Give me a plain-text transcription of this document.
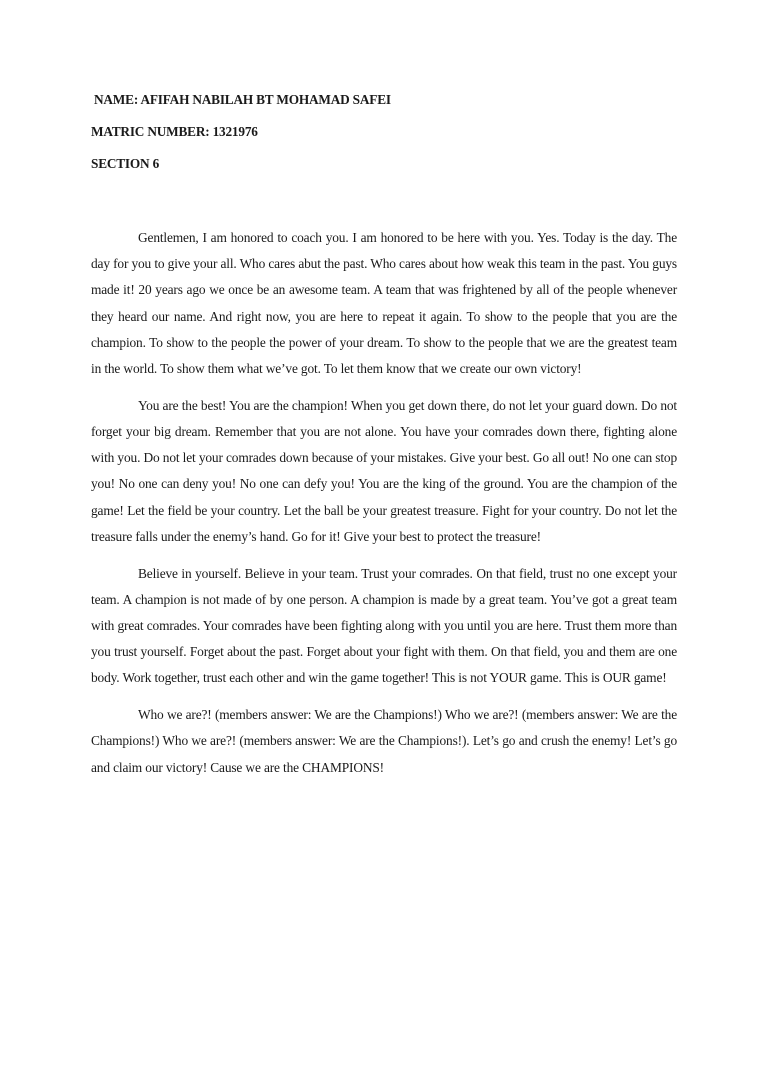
NAME: AFIFAH NABILAH BT MOHAMAD SAFEI

MATRIC NUMBER: 1321976

SECTION 6

Gentlemen, I am honored to coach you. I am honored to be here with you. Yes. Today is the day. The day for you to give your all. Who cares abut the past. Who cares about how weak this team in the past. You guys made it! 20 years ago we once be an awesome team. A team that was frightened by all of the people whenever they heard our name. And right now, you are here to repeat it again. To show to the people that you are the champion. To show to the people the power of your dream. To show to the people that we are the greatest team in the world. To show them what we’ve got. To let them know that we create our own victory!

You are the best! You are the champion! When you get down there, do not let your guard down. Do not forget your big dream. Remember that you are not alone. You have your comrades down there, fighting alone with you. Do not let your comrades down because of your mistakes. Give your best. Go all out! No one can stop you! No one can deny you! No one can defy you! You are the king of the ground. You are the champion of the game! Let the field be your country. Let the ball be your greatest treasure. Fight for your country. Do not let the treasure falls under the enemy’s hand. Go for it! Give your best to protect the treasure!

Believe in yourself. Believe in your team. Trust your comrades. On that field, trust no one except your team. A champion is not made of by one person. A champion is made by a great team. You’ve got a great team with great comrades. Your comrades have been fighting along with you until you are here. Trust them more than you trust yourself. Forget about the past. Forget about your fight with them. On that field, you and them are one body. Work together, trust each other and win the game together! This is not YOUR game. This is OUR game!

Who we are?! (members answer: We are the Champions!) Who we are?! (members answer: We are the Champions!) Who we are?! (members answer: We are the Champions!). Let’s go and crush the enemy! Let’s go and claim our victory! Cause we are the CHAMPIONS!
